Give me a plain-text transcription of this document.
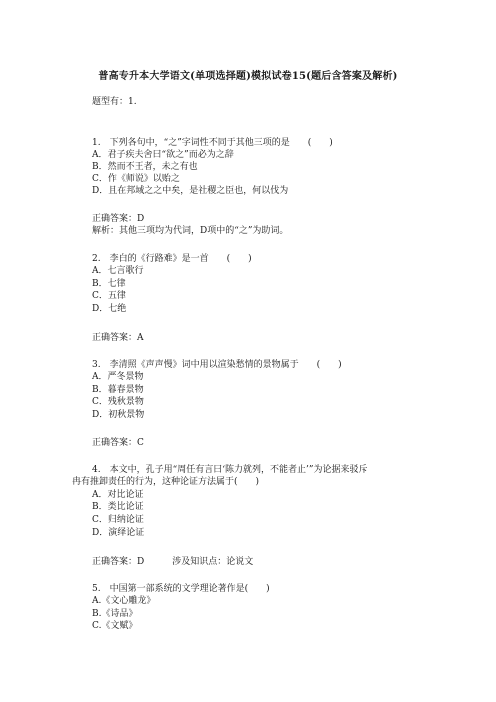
普高专升本大学语文(单项选择题)模拟试卷15(题后含答案及解析)
题型有：1.
1.　下列各句中，“之”字词性不同于其他三项的是　　(　　)
A．君子疾夫舍曰“欲之”而必为之辞
B．然而不王者，未之有也
C．作《师说》以贻之
D．且在邦域之之中矣，是社稷之臣也，何以伐为
正确答案：D
解析：其他三项均为代词，D项中的“之”为助词。
2.　李白的《行路难》是一首　　(　　)
A．七言歌行
B．七律
C．五律
D．七绝
正确答案：A
3.　李清照《声声慢》词中用以渲染愁情的景物属于　　(　　)
A．严冬景物
B．暮春景物
C．残秋景物
D．初秋景物
正确答案：C
4.　本文中，孔子用“周任有言曰‘陈力就列，不能者止’”为论据来驳斥
冉有推卸责任的行为，这种论证方法属于(　　)
A．对比论证
B．类比论证
C．归纳论证
D．演绎论证
正确答案：D	涉及知识点：论说文
5.　中国第一部系统的文学理论著作是(　　)
A.《文心雕龙》
B.《诗品》
C.《文赋》
